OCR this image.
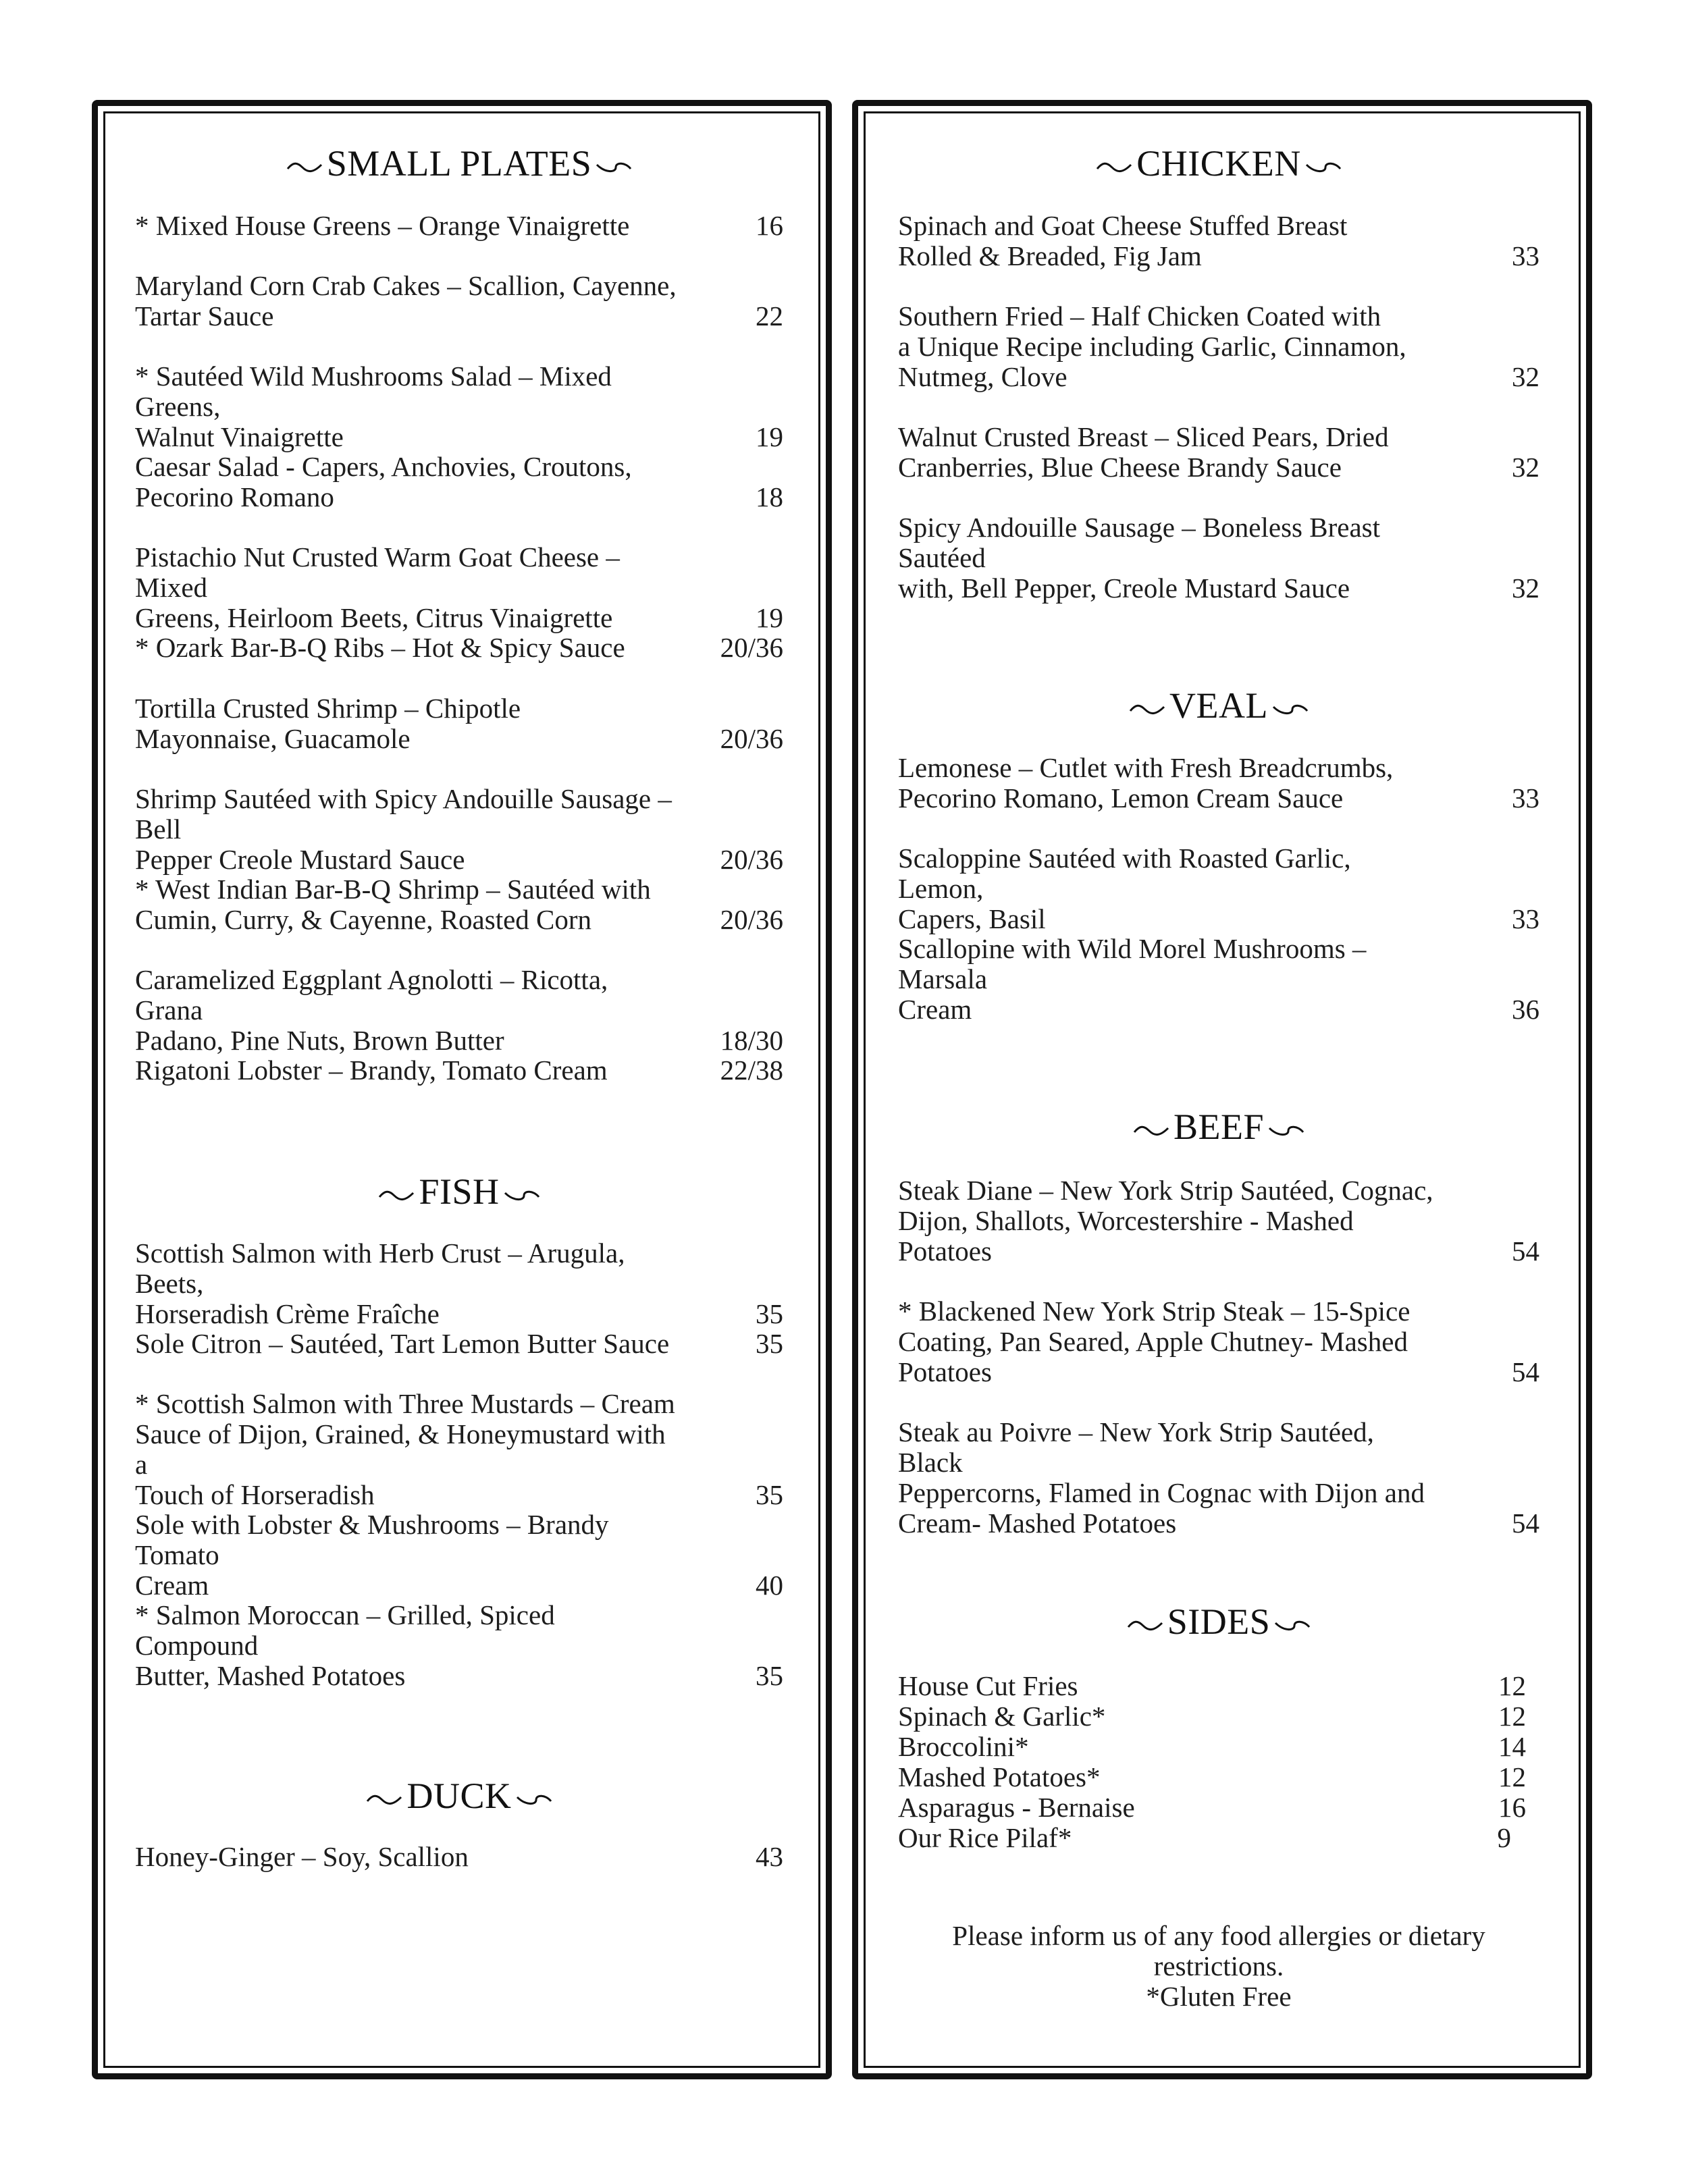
SMALL PLATES
* Mixed House Greens – Orange Vinaigrette	16
Maryland Corn Crab Cakes – Scallion, Cayenne,
Tartar Sauce	22
* Sautéed Wild Mushrooms Salad – Mixed Greens,
Walnut Vinaigrette	19
Caesar Salad - Capers, Anchovies, Croutons,
Pecorino Romano	18
Pistachio Nut Crusted Warm Goat Cheese – Mixed
Greens, Heirloom Beets, Citrus Vinaigrette	19
* Ozark Bar-B-Q Ribs – Hot & Spicy Sauce	20/36
Tortilla Crusted Shrimp – Chipotle
Mayonnaise, Guacamole	20/36
Shrimp Sautéed with Spicy Andouille Sausage – Bell
Pepper Creole Mustard Sauce	20/36
* West Indian Bar-B-Q Shrimp – Sautéed with
Cumin, Curry, & Cayenne, Roasted Corn	20/36
Caramelized Eggplant Agnolotti – Ricotta, Grana
Padano, Pine Nuts, Brown Butter	18/30
Rigatoni Lobster – Brandy, Tomato Cream	22/38
FISH
Scottish Salmon with Herb Crust – Arugula, Beets,
Horseradish Crème Fraîche	35
Sole Citron – Sautéed, Tart Lemon Butter Sauce	35
* Scottish Salmon with Three Mustards – Cream
Sauce of Dijon, Grained, & Honeymustard with a
Touch of Horseradish	35
Sole with Lobster & Mushrooms – Brandy Tomato
Cream	40
* Salmon Moroccan – Grilled, Spiced Compound
Butter, Mashed Potatoes	35
DUCK
Honey-Ginger – Soy, Scallion	43
CHICKEN
Spinach and Goat Cheese Stuffed Breast
Rolled & Breaded, Fig Jam	33
Southern Fried – Half Chicken Coated with
a Unique Recipe including Garlic, Cinnamon,
Nutmeg, Clove	32
Walnut Crusted Breast – Sliced Pears, Dried
Cranberries, Blue Cheese Brandy Sauce	32
Spicy Andouille Sausage – Boneless Breast Sautéed
with, Bell Pepper, Creole Mustard Sauce	32
VEAL
Lemonese – Cutlet with Fresh Breadcrumbs,
Pecorino Romano, Lemon Cream Sauce	33
Scaloppine Sautéed with Roasted Garlic, Lemon,
Capers, Basil	33
Scallopine with Wild Morel Mushrooms – Marsala
Cream	36
BEEF
Steak Diane – New York Strip Sautéed, Cognac,
Dijon, Shallots, Worcestershire - Mashed
Potatoes	54
* Blackened New York Strip Steak – 15-Spice
Coating, Pan Seared, Apple Chutney- Mashed
Potatoes	54
Steak au Poivre – New York Strip Sautéed, Black
Peppercorns, Flamed in Cognac with Dijon and
Cream- Mashed Potatoes	54
SIDES
House Cut Fries	12
Spinach & Garlic*	12
Broccolini*	14
Mashed Potatoes*	12
Asparagus - Bernaise	16
Our Rice Pilaf*	9
Please inform us of any food allergies or dietary
restrictions.
*Gluten Free
